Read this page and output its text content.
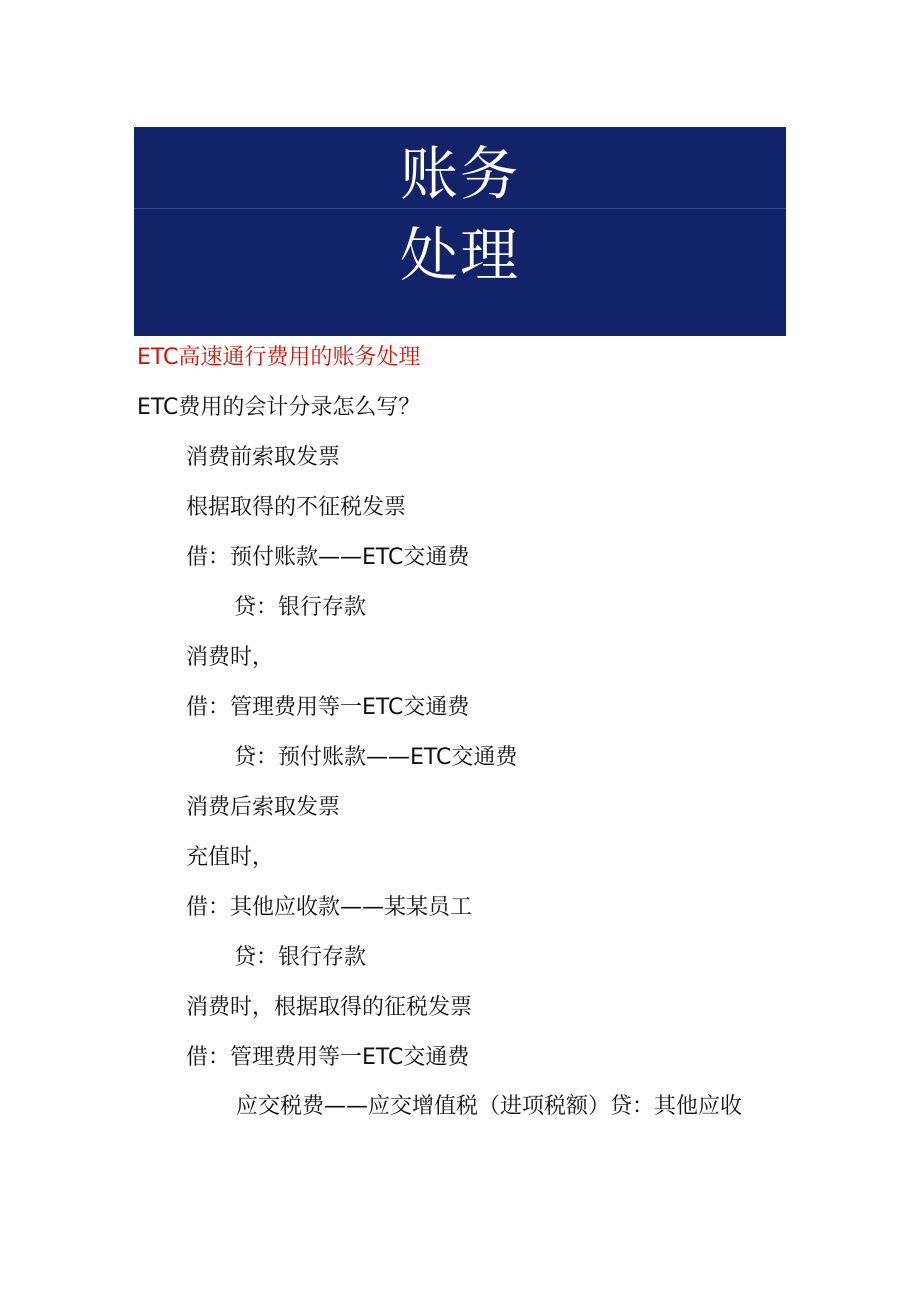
账务
处理
ETC高速通行费用的账务处理
ETC费用的会计分录怎么写？
消费前索取发票
根据取得的不征税发票
借：预付账款——ETC交通费
贷：银行存款
消费时，
借：管理费用等一ETC交通费
贷：预付账款——ETC交通费
消费后索取发票
充值时，
借：其他应收款——某某员工
贷：银行存款
消费时，根据取得的征税发票
借：管理费用等一ETC交通费
应交税费——应交增值税（进项税额）贷：其他应收
